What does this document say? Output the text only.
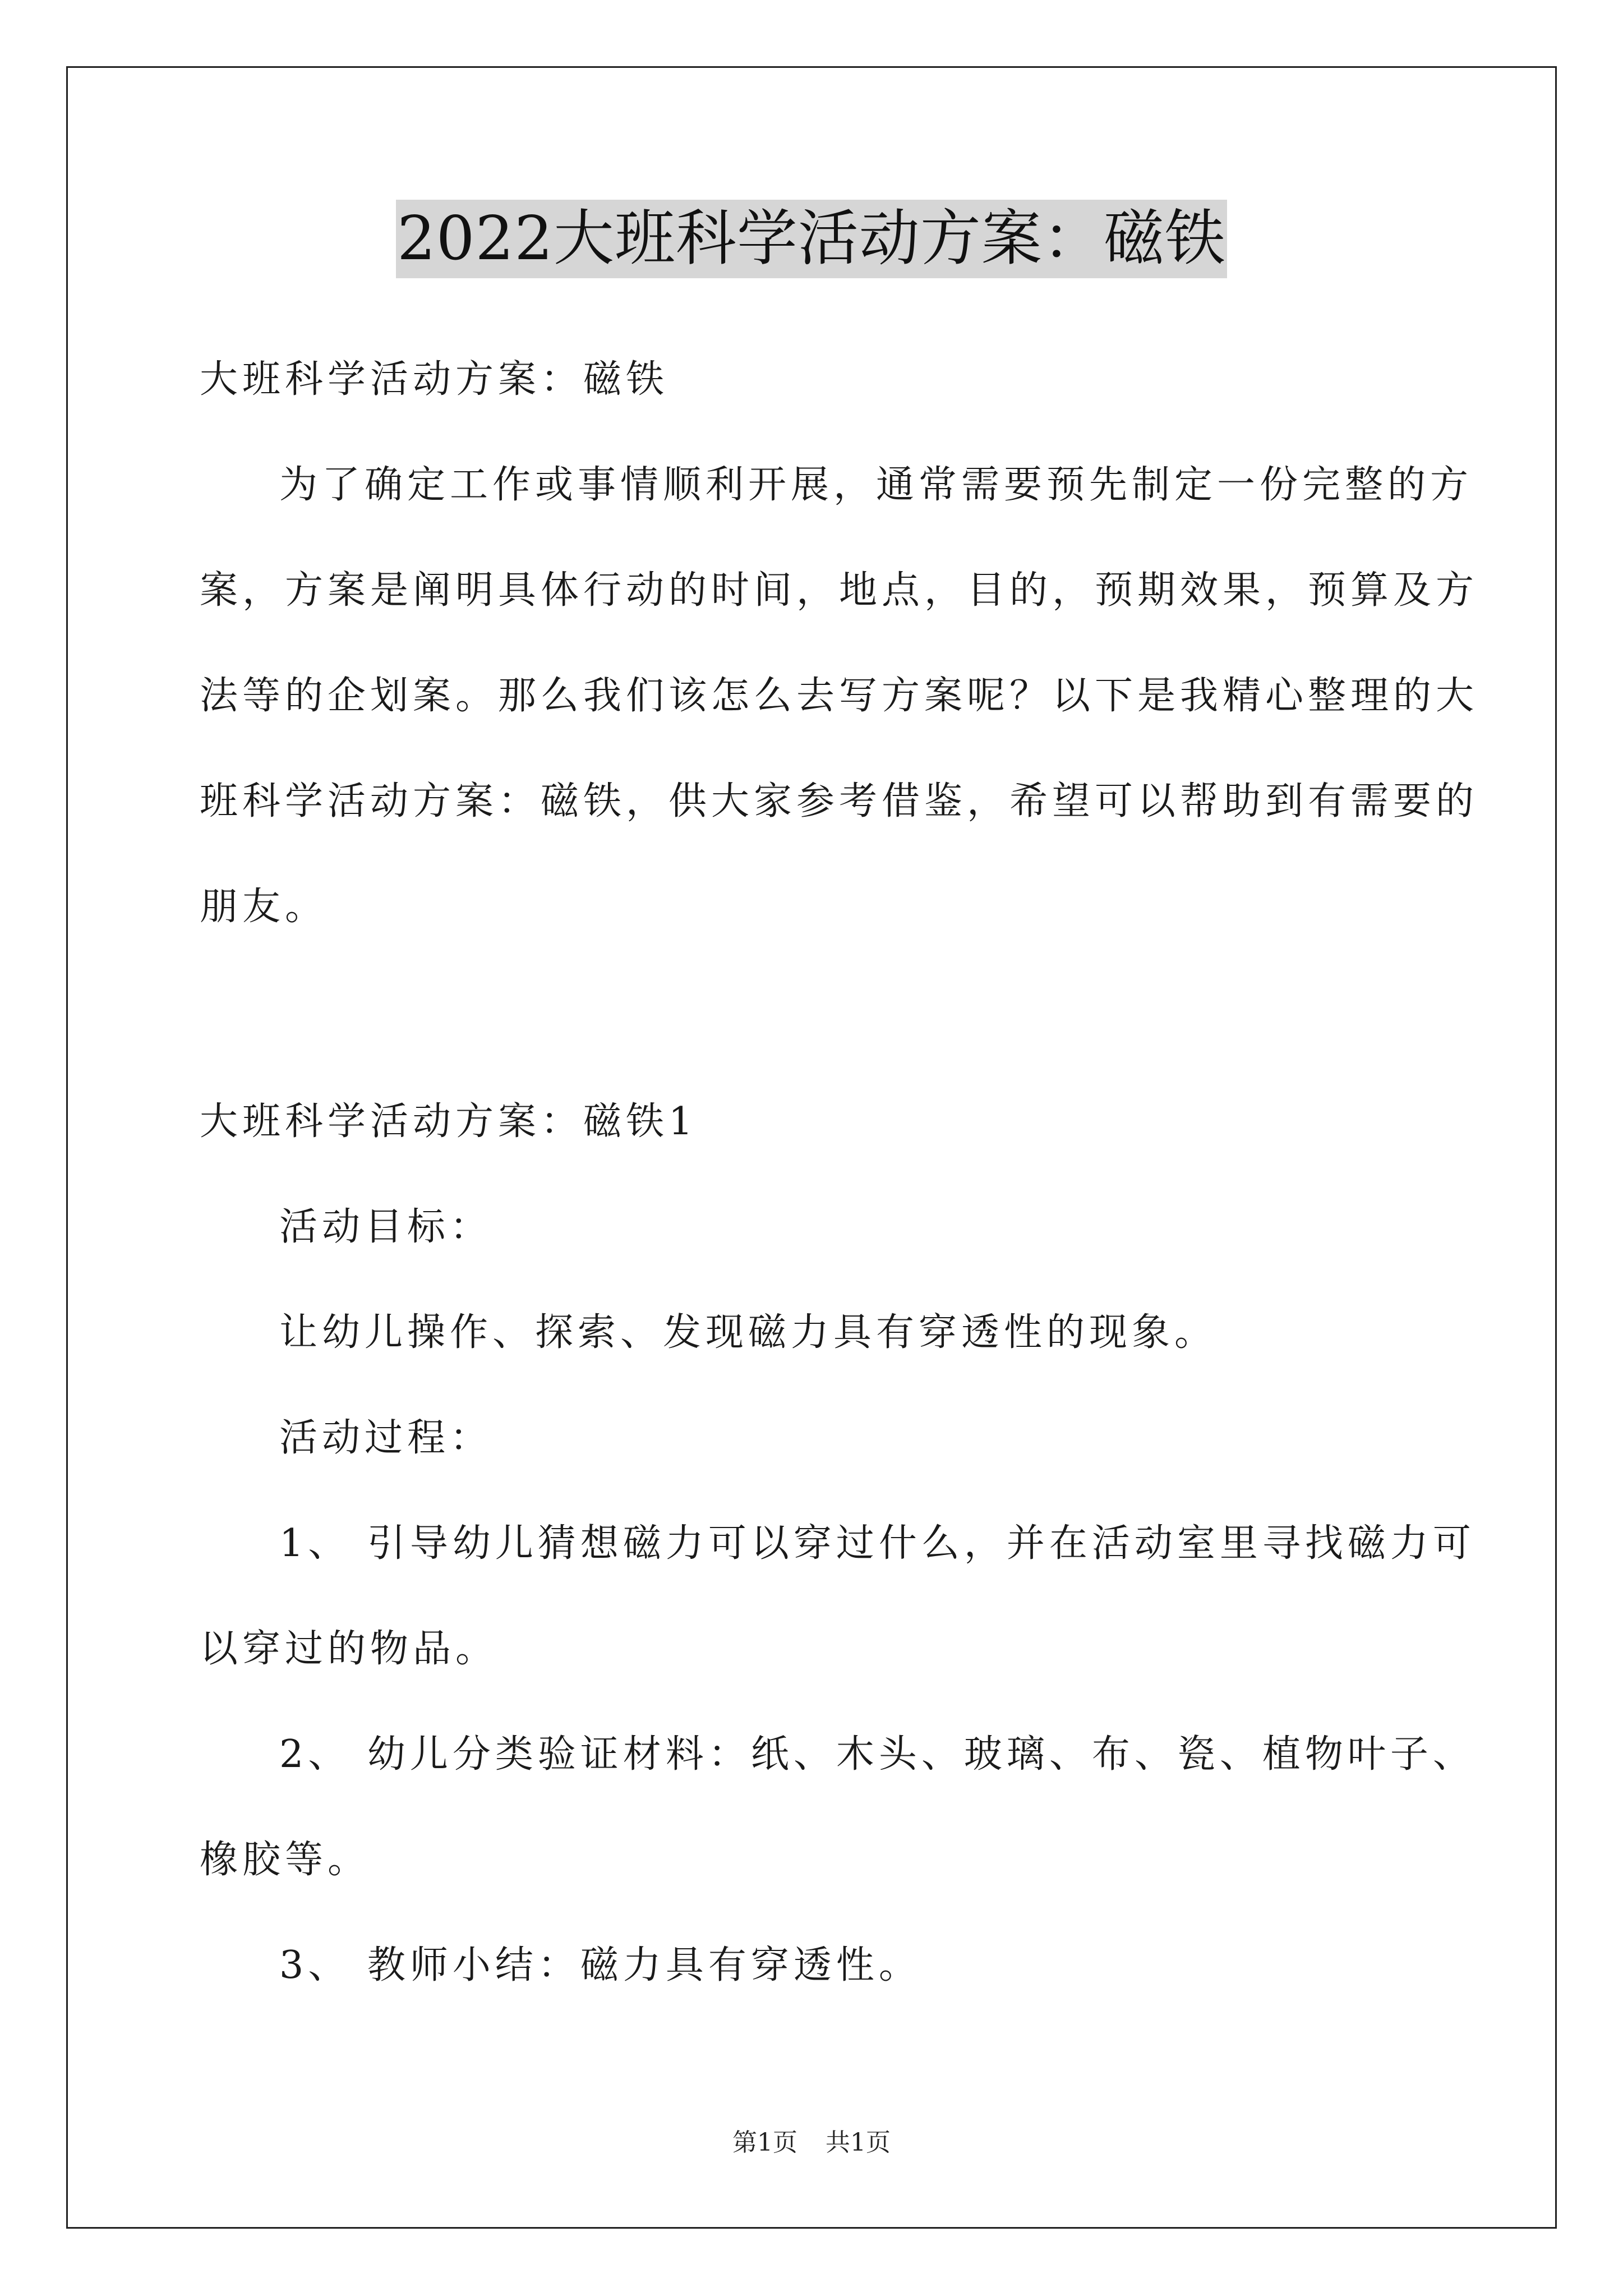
2022大班科学活动方案：磁铁
大班科学活动方案：磁铁
为了确定工作或事情顺利开展，通常需要预先制定一份完整的方
案，方案是阐明具体行动的时间，地点，目的，预期效果，预算及方
法等的企划案。那么我们该怎么去写方案呢？以下是我精心整理的大
班科学活动方案：磁铁，供大家参考借鉴，希望可以帮助到有需要的
朋友。
大班科学活动方案：磁铁1
活动目标：
让幼儿操作、探索、发现磁力具有穿透性的现象。
活动过程：
1、 引导幼儿猜想磁力可以穿过什么，并在活动室里寻找磁力可
以穿过的物品。
2、 幼儿分类验证材料：纸、木头、玻璃、布、瓷、植物叶子、
橡胶等。
3、 教师小结：磁力具有穿透性。
第1页 共1页
